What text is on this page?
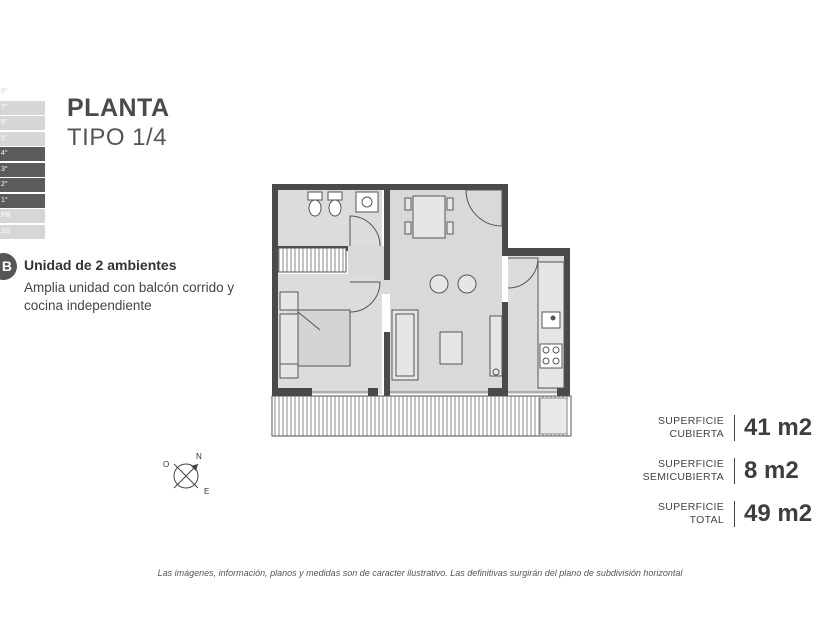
8°
7°
6°
5°
4°
3°
2°
1°
PB
SS
PLANTA
TIPO 1/4
B Unidad de 2 ambientes
Amplia unidad con balcón corrido y cocina independiente
N
O
E
SUPERFICIE
CUBIERTA 41 m2
SUPERFICIE
SEMICUBIERTA 8 m2
SUPERFICIE
TOTAL 49 m2
Las imágenes, información, planos y medidas son de caracter ilustrativo. Las definitivas surgirán del plano de subdivisión horizontal
